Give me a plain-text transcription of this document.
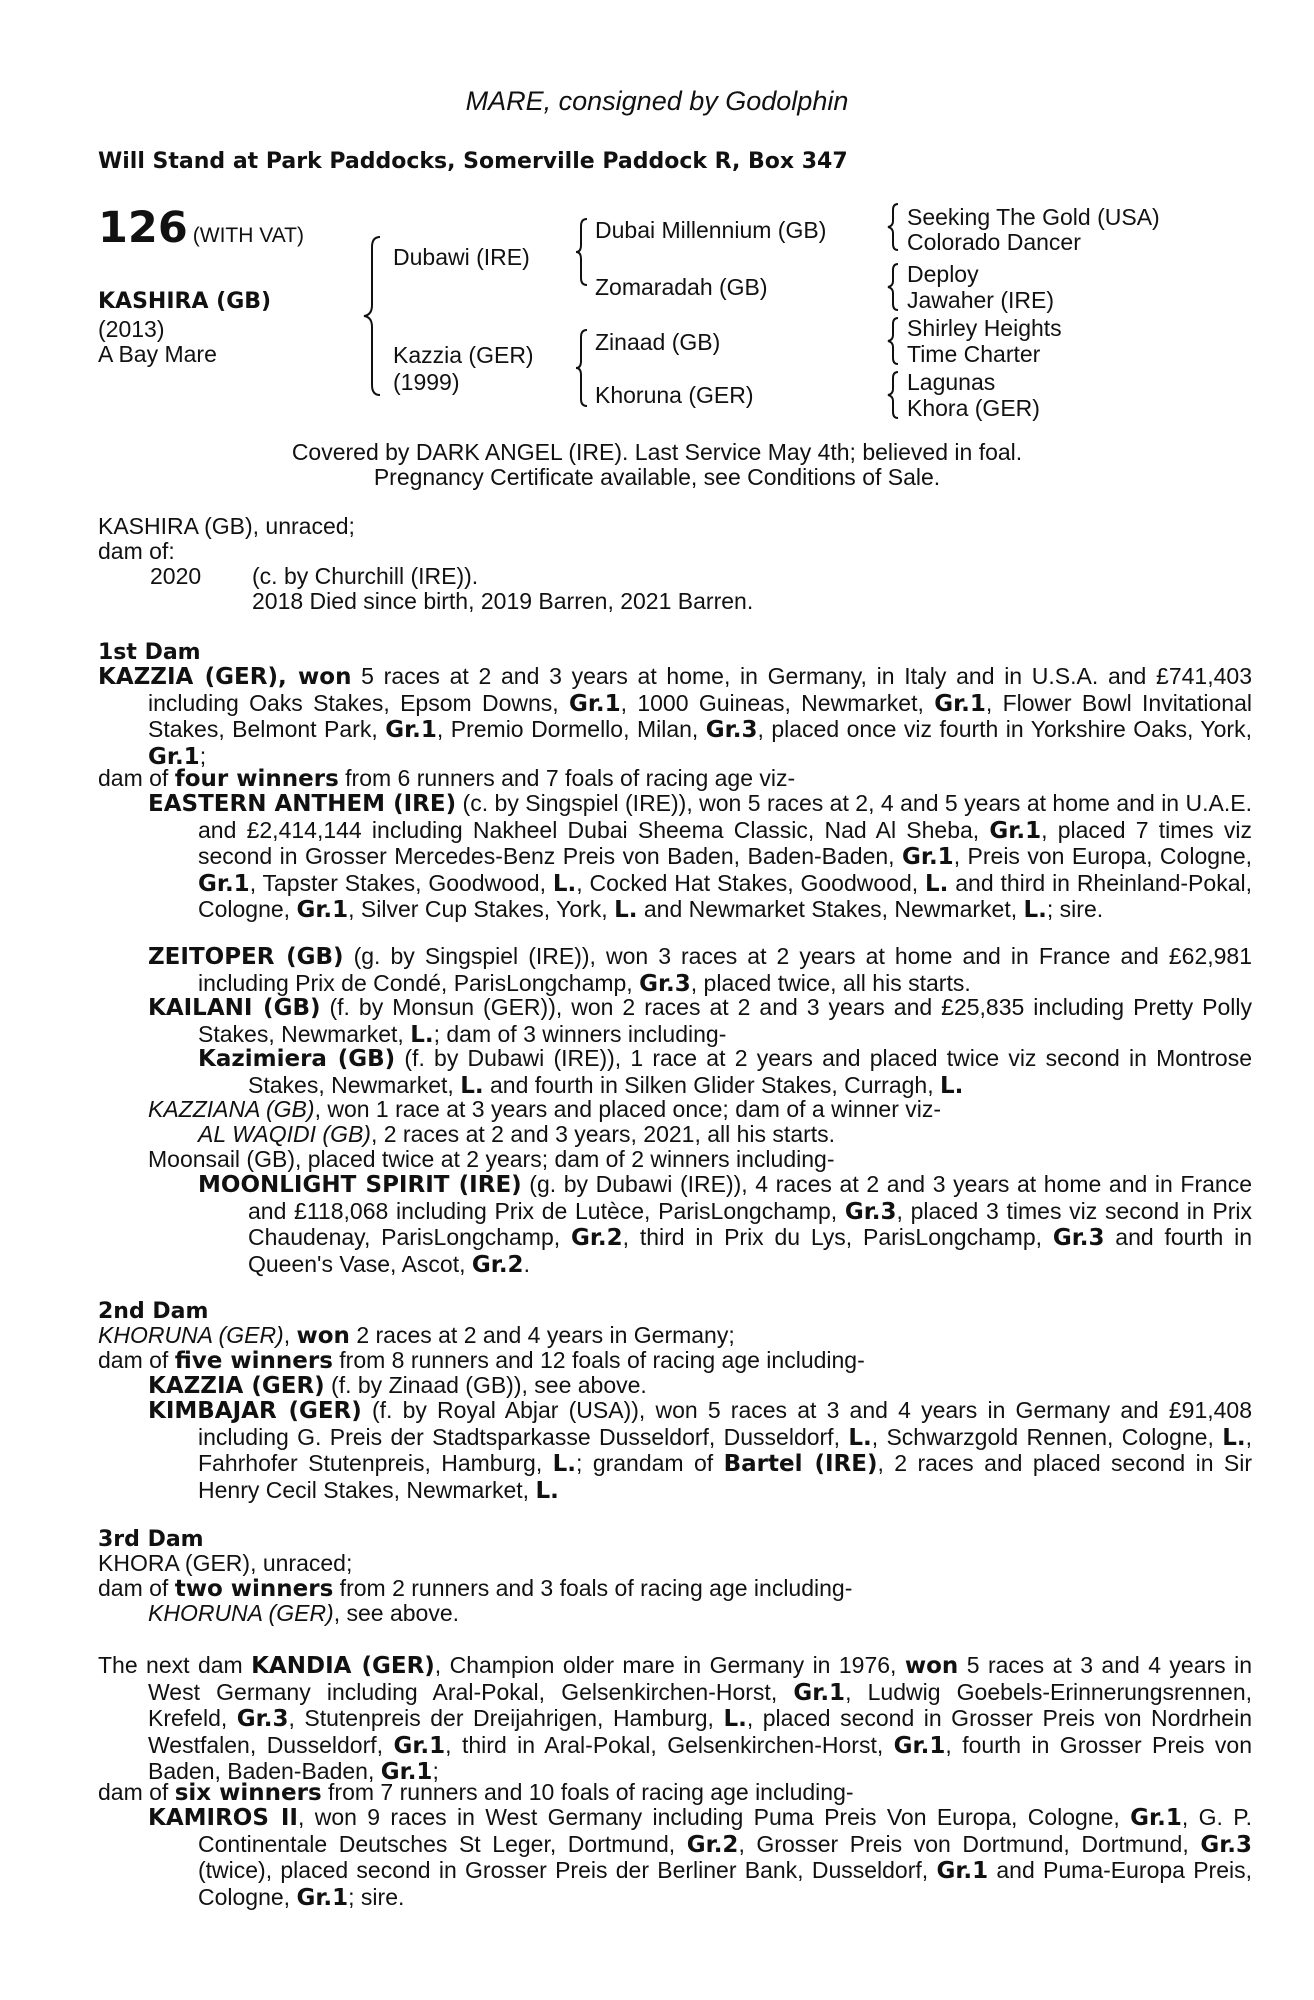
MARE, consigned by Godolphin
Will Stand at Park Paddocks, Somerville Paddock R, Box 347
126 (WITH VAT)
KASHIRA (GB)
(2013)
A Bay Mare
Dubawi (IRE)
Kazzia (GER)
(1999)
Dubai Millennium (GB)
Zomaradah (GB)
Zinaad (GB)
Khoruna (GER)
Seeking The Gold (USA)
Colorado Dancer
Deploy
Jawaher (IRE)
Shirley Heights
Time Charter
Lagunas
Khora (GER)
Covered by DARK ANGEL (IRE). Last Service May 4th; believed in foal.
Pregnancy Certificate available, see Conditions of Sale.
KASHIRA (GB), unraced;
dam of:
2020 (c. by Churchill (IRE)).
2018 Died since birth, 2019 Barren, 2021 Barren.
1st Dam
KAZZIA (GER), won 5 races at 2 and 3 years at home, in Germany, in Italy and in U.S.A. and £741,403 including Oaks Stakes, Epsom Downs, Gr.1, 1000 Guineas, Newmarket, Gr.1, Flower Bowl Invitational Stakes, Belmont Park, Gr.1, Premio Dormello, Milan, Gr.3, placed once viz fourth in Yorkshire Oaks, York, Gr.1;
dam of four winners from 6 runners and 7 foals of racing age viz-
EASTERN ANTHEM (IRE) (c. by Singspiel (IRE)), won 5 races at 2, 4 and 5 years at home and in U.A.E. and £2,414,144 including Nakheel Dubai Sheema Classic, Nad Al Sheba, Gr.1, placed 7 times viz second in Grosser Mercedes-Benz Preis von Baden, Baden-Baden, Gr.1, Preis von Europa, Cologne, Gr.1, Tapster Stakes, Goodwood, L., Cocked Hat Stakes, Goodwood, L. and third in Rheinland-Pokal, Cologne, Gr.1, Silver Cup Stakes, York, L. and Newmarket Stakes, Newmarket, L.; sire.
ZEITOPER (GB) (g. by Singspiel (IRE)), won 3 races at 2 years at home and in France and £62,981 including Prix de Condé, ParisLongchamp, Gr.3, placed twice, all his starts.
KAILANI (GB) (f. by Monsun (GER)), won 2 races at 2 and 3 years and £25,835 including Pretty Polly Stakes, Newmarket, L.; dam of 3 winners including-
Kazimiera (GB) (f. by Dubawi (IRE)), 1 race at 2 years and placed twice viz second in Montrose Stakes, Newmarket, L. and fourth in Silken Glider Stakes, Curragh, L.
KAZZIANA (GB), won 1 race at 3 years and placed once; dam of a winner viz-
AL WAQIDI (GB), 2 races at 2 and 3 years, 2021, all his starts.
Moonsail (GB), placed twice at 2 years; dam of 2 winners including-
MOONLIGHT SPIRIT (IRE) (g. by Dubawi (IRE)), 4 races at 2 and 3 years at home and in France and £118,068 including Prix de Lutèce, ParisLongchamp, Gr.3, placed 3 times viz second in Prix Chaudenay, ParisLongchamp, Gr.2, third in Prix du Lys, ParisLongchamp, Gr.3 and fourth in Queen's Vase, Ascot, Gr.2.
2nd Dam
KHORUNA (GER), won 2 races at 2 and 4 years in Germany;
dam of five winners from 8 runners and 12 foals of racing age including-
KAZZIA (GER) (f. by Zinaad (GB)), see above.
KIMBAJAR (GER) (f. by Royal Abjar (USA)), won 5 races at 3 and 4 years in Germany and £91,408 including G. Preis der Stadtsparkasse Dusseldorf, Dusseldorf, L., Schwarzgold Rennen, Cologne, L., Fahrhofer Stutenpreis, Hamburg, L.; grandam of Bartel (IRE), 2 races and placed second in Sir Henry Cecil Stakes, Newmarket, L.
3rd Dam
KHORA (GER), unraced;
dam of two winners from 2 runners and 3 foals of racing age including-
KHORUNA (GER), see above.
The next dam KANDIA (GER), Champion older mare in Germany in 1976, won 5 races at 3 and 4 years in West Germany including Aral-Pokal, Gelsenkirchen-Horst, Gr.1, Ludwig Goebels-Erinnerungsrennen, Krefeld, Gr.3, Stutenpreis der Dreijahrigen, Hamburg, L., placed second in Grosser Preis von Nordrhein Westfalen, Dusseldorf, Gr.1, third in Aral-Pokal, Gelsenkirchen-Horst, Gr.1, fourth in Grosser Preis von Baden, Baden-Baden, Gr.1;
dam of six winners from 7 runners and 10 foals of racing age including-
KAMIROS II, won 9 races in West Germany including Puma Preis Von Europa, Cologne, Gr.1, G. P. Continentale Deutsches St Leger, Dortmund, Gr.2, Grosser Preis von Dortmund, Dortmund, Gr.3 (twice), placed second in Grosser Preis der Berliner Bank, Dusseldorf, Gr.1 and Puma-Europa Preis, Cologne, Gr.1; sire.
